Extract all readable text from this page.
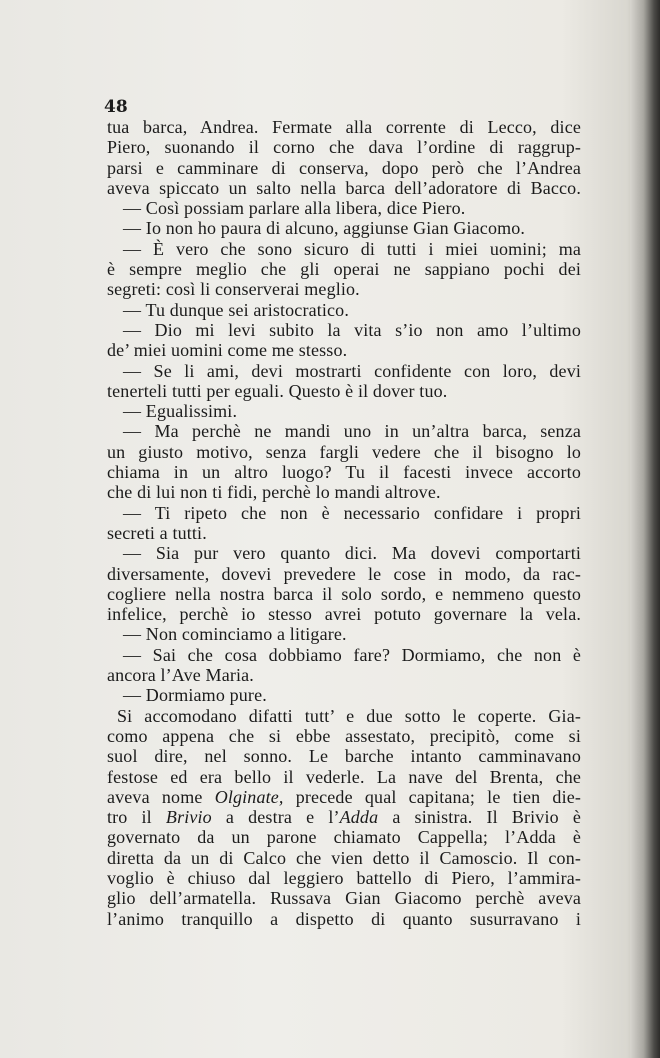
48

tua barca, Andrea. Fermate alla corrente di Lecco, dice
Piero, suonando il corno che dava l’ordine di raggrup-
parsi e camminare di conserva, dopo però che l’Andrea
aveva spiccato un salto nella barca dell’adoratore di Bacco.
— Così possiam parlare alla libera, dice Piero.
— Io non ho paura di alcuno, aggiunse Gian Giacomo.
— È vero che sono sicuro di tutti i miei uomini; ma
è sempre meglio che gli operai ne sappiano pochi dei
segreti: così li conserverai meglio.
— Tu dunque sei aristocratico.
— Dio mi levi subito la vita s’io non amo l’ultimo
de’ miei uomini come me stesso.
— Se li ami, devi mostrarti confidente con loro, devi
tenerteli tutti per eguali. Questo è il dover tuo.
— Egualissimi.
— Ma perchè ne mandi uno in un’altra barca, senza
un giusto motivo, senza fargli vedere che il bisogno lo
chiama in un altro luogo? Tu il facesti invece accorto
che di lui non ti fidi, perchè lo mandi altrove.
— Ti ripeto che non è necessario confidare i propri
secreti a tutti.
— Sia pur vero quanto dici. Ma dovevi comportarti
diversamente, dovevi prevedere le cose in modo, da rac-
cogliere nella nostra barca il solo sordo, e nemmeno questo
infelice, perchè io stesso avrei potuto governare la vela.
— Non cominciamo a litigare.
— Sai che cosa dobbiamo fare? Dormiamo, che non è
ancora l’Ave Maria.
— Dormiamo pure.
Si accomodano difatti tutt’ e due sotto le coperte. Gia-
como appena che si ebbe assestato, precipitò, come si
suol dire, nel sonno. Le barche intanto camminavano
festose ed era bello il vederle. La nave del Brenta, che
aveva nome Olginate, precede qual capitana; le tien die-
tro il Brivio a destra e l’Adda a sinistra. Il Brivio è
governato da un parone chiamato Cappella; l’Adda è
diretta da un di Calco che vien detto il Camoscio. Il con-
voglio è chiuso dal leggiero battello di Piero, l’ammira-
glio dell’armatella. Russava Gian Giacomo perchè aveva
l’animo tranquillo a dispetto di quanto susurravano i
